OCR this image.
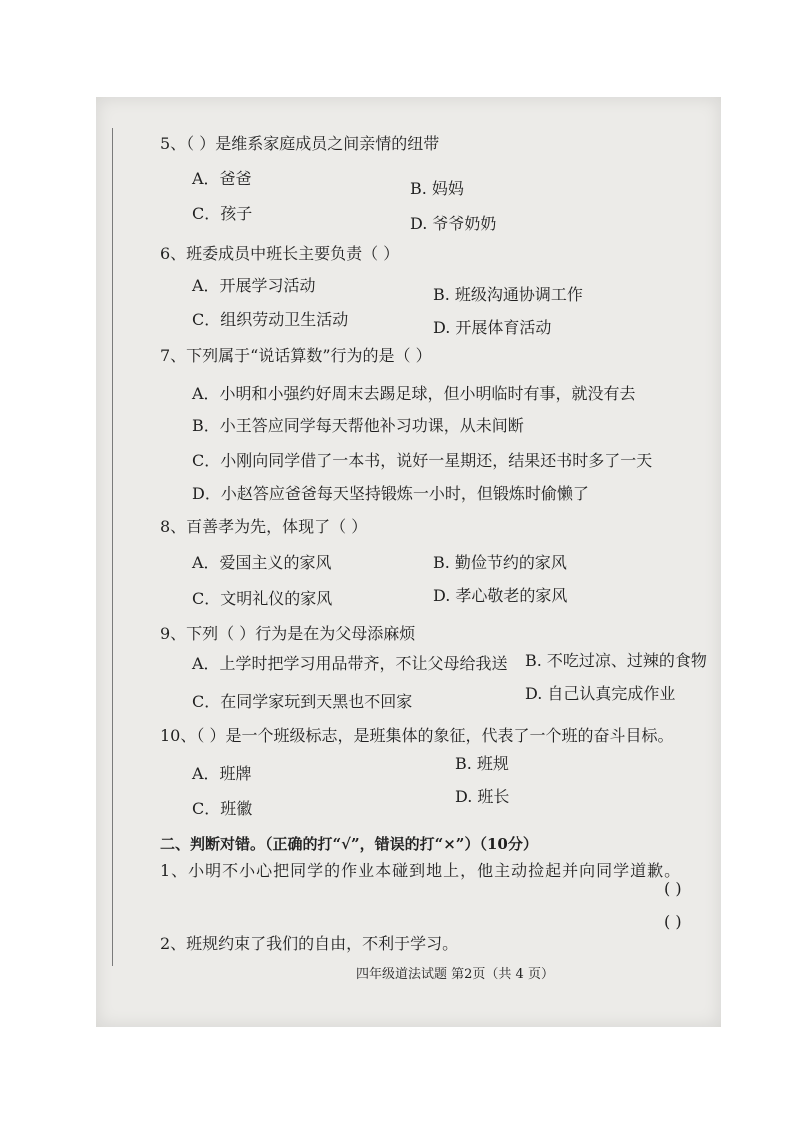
5、（ ）是维系家庭成员之间亲情的纽带
A．爸爸
B. 妈妈
C．孩子
D. 爷爷奶奶
6、班委成员中班长主要负责（ ）
A．开展学习活动	B. 班级沟通协调工作
C．组织劳动卫生活动	D. 开展体育活动
7、下列属于“说话算数”行为的是（ ）
A．小明和小强约好周末去踢足球，但小明临时有事，就没有去
B．小王答应同学每天帮他补习功课，从未间断
C．小刚向同学借了一本书，说好一星期还，结果还书时多了一天
D．小赵答应爸爸每天坚持锻炼一小时，但锻炼时偷懒了
8、百善孝为先，体现了（ ）
A．爱国主义的家风	B. 勤俭节约的家风
C．文明礼仪的家风	D. 孝心敬老的家风
9、下列（ ）行为是在为父母添麻烦
A．上学时把学习用品带齐，不让父母给我送 B. 不吃过凉、过辣的食物
C．在同学家玩到天黑也不回家	D. 自己认真完成作业
10、（ ）是一个班级标志，是班集体的象征，代表了一个班的奋斗目标。
A．班牌
B. 班规
C．班徽
D. 班长
二、判断对错。（正确的打“√”，错误的打“×”）（10分）
1、小明不小心把同学的作业本碰到地上，他主动捡起并向同学道歉。
( )
( )
2、班规约束了我们的自由，不利于学习。
四年级道法试题 第2页（共 4 页）
